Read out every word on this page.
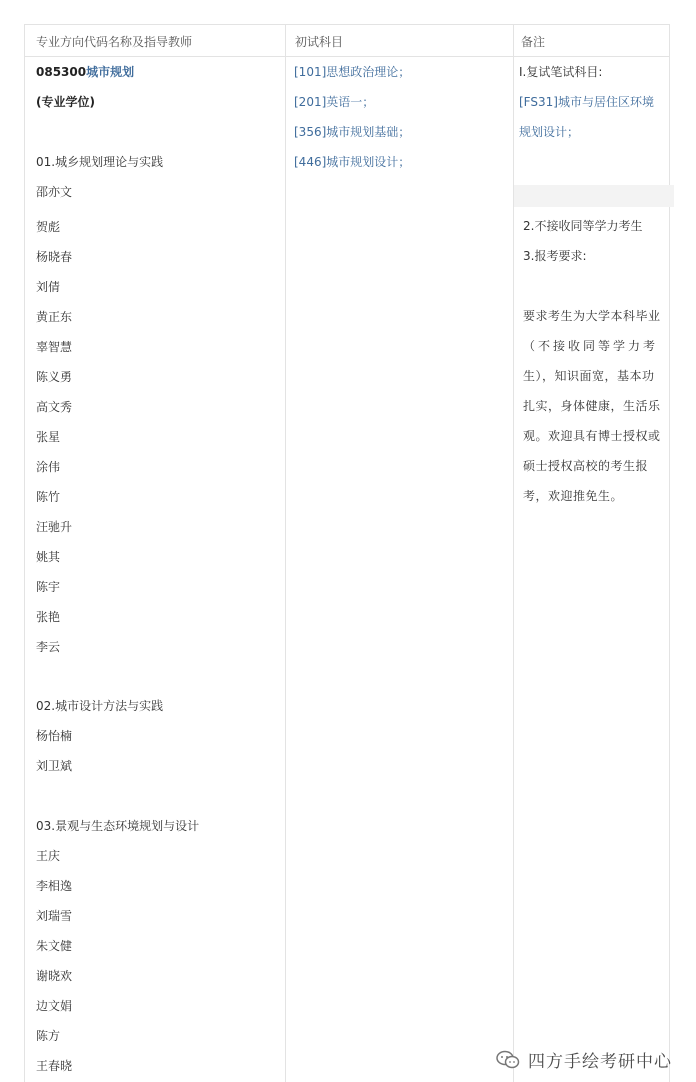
专业方向代码名称及指导教师	初试科目	备注
085300城市规划
(专业学位)
01.城乡规划理论与实践
邵亦文
贺彪
杨晓春
刘倩
黄正东
辜智慧
陈义勇
高文秀
张星
涂伟
陈竹
汪驰升
姚其
陈宇
张艳
李云
02.城市设计方法与实践
杨怡楠
刘卫斌
03.景观与生态环境规划与设计
王庆
李相逸
刘瑞雪
朱文健
谢晓欢
边文娟
陈方
王春晓
[101]思想政治理论；
[201]英语一；
[356]城市规划基础；
[446]城市规划设计；
Ⅰ.复试笔试科目:
[FS31]城市与居住区环境
规划设计；
2.不接收同等学力考生
3.报考要求:
要求考生为大学本科毕业
（不接收同等学力考
生），知识面宽，基本功
扎实，身体健康，生活乐
观。欢迎具有博士授权或
硕士授权高校的考生报
考，欢迎推免生。
四方手绘考研中心
